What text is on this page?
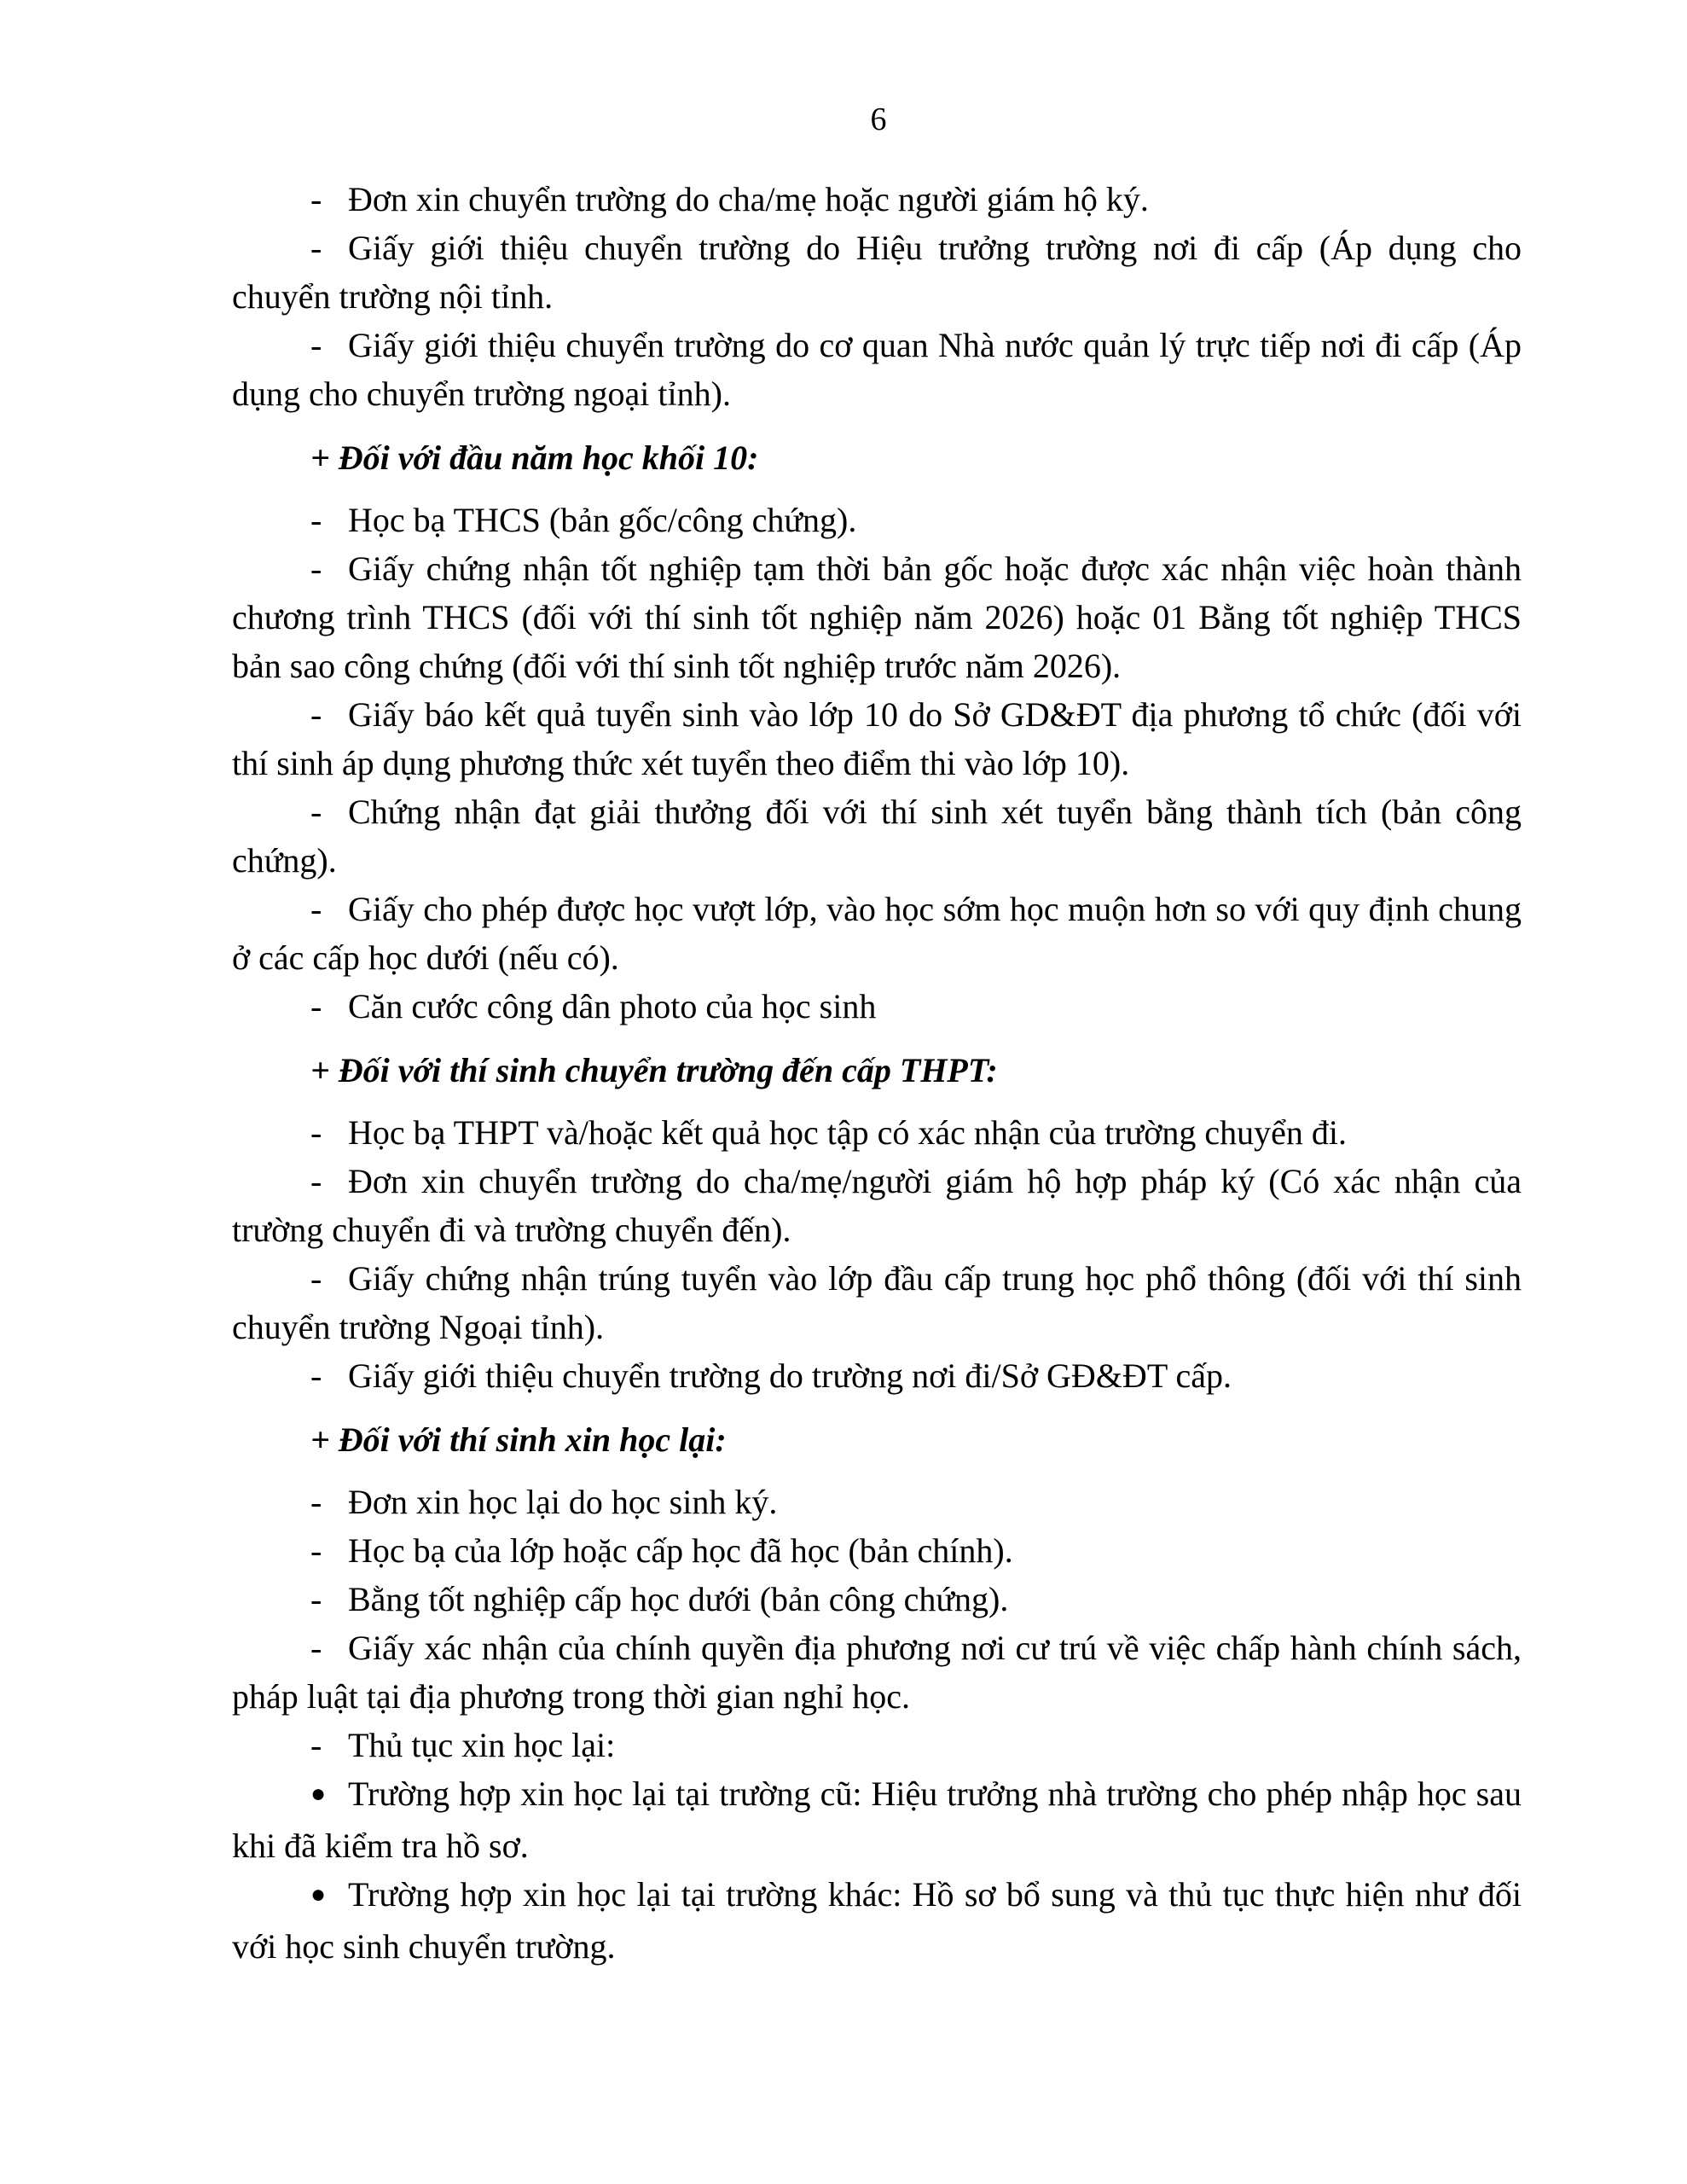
6

- Đơn xin chuyển trường do cha/mẹ hoặc người giám hộ ký.

- Giấy giới thiệu chuyển trường do Hiệu trưởng trường nơi đi cấp (Áp dụng cho chuyển trường nội tỉnh.

- Giấy giới thiệu chuyển trường do cơ quan Nhà nước quản lý trực tiếp nơi đi cấp (Áp dụng cho chuyển trường ngoại tỉnh).

+ Đối với đầu năm học khối 10:

- Học bạ THCS (bản gốc/công chứng).

- Giấy chứng nhận tốt nghiệp tạm thời bản gốc hoặc được xác nhận việc hoàn thành chương trình THCS (đối với thí sinh tốt nghiệp năm 2026) hoặc 01 Bằng tốt nghiệp THCS bản sao công chứng (đối với thí sinh tốt nghiệp trước năm 2026).

- Giấy báo kết quả tuyển sinh vào lớp 10 do Sở GD&ĐT địa phương tổ chức (đối với thí sinh áp dụng phương thức xét tuyển theo điểm thi vào lớp 10).

- Chứng nhận đạt giải thưởng đối với thí sinh xét tuyển bằng thành tích (bản công chứng).

- Giấy cho phép được học vượt lớp, vào học sớm học muộn hơn so với quy định chung ở các cấp học dưới (nếu có).

- Căn cước công dân photo của học sinh

+ Đối với thí sinh chuyển trường đến cấp THPT:

- Học bạ THPT và/hoặc kết quả học tập có xác nhận của trường chuyển đi.

- Đơn xin chuyển trường do cha/mẹ/người giám hộ hợp pháp ký (Có xác nhận của trường chuyển đi và trường chuyển đến).

- Giấy chứng nhận trúng tuyển vào lớp đầu cấp trung học phổ thông (đối với thí sinh chuyển trường Ngoại tỉnh).

- Giấy giới thiệu chuyển trường do trường nơi đi/Sở GĐ&ĐT cấp.

+ Đối với thí sinh xin học lại:

- Đơn xin học lại do học sinh ký.

- Học bạ của lớp hoặc cấp học đã học (bản chính).

- Bằng tốt nghiệp cấp học dưới (bản công chứng).

- Giấy xác nhận của chính quyền địa phương nơi cư trú về việc chấp hành chính sách, pháp luật tại địa phương trong thời gian nghỉ học.

- Thủ tục xin học lại:

● Trường hợp xin học lại tại trường cũ: Hiệu trưởng nhà trường cho phép nhập học sau khi đã kiểm tra hồ sơ.

● Trường hợp xin học lại tại trường khác: Hồ sơ bổ sung và thủ tục thực hiện như đối với học sinh chuyển trường.
